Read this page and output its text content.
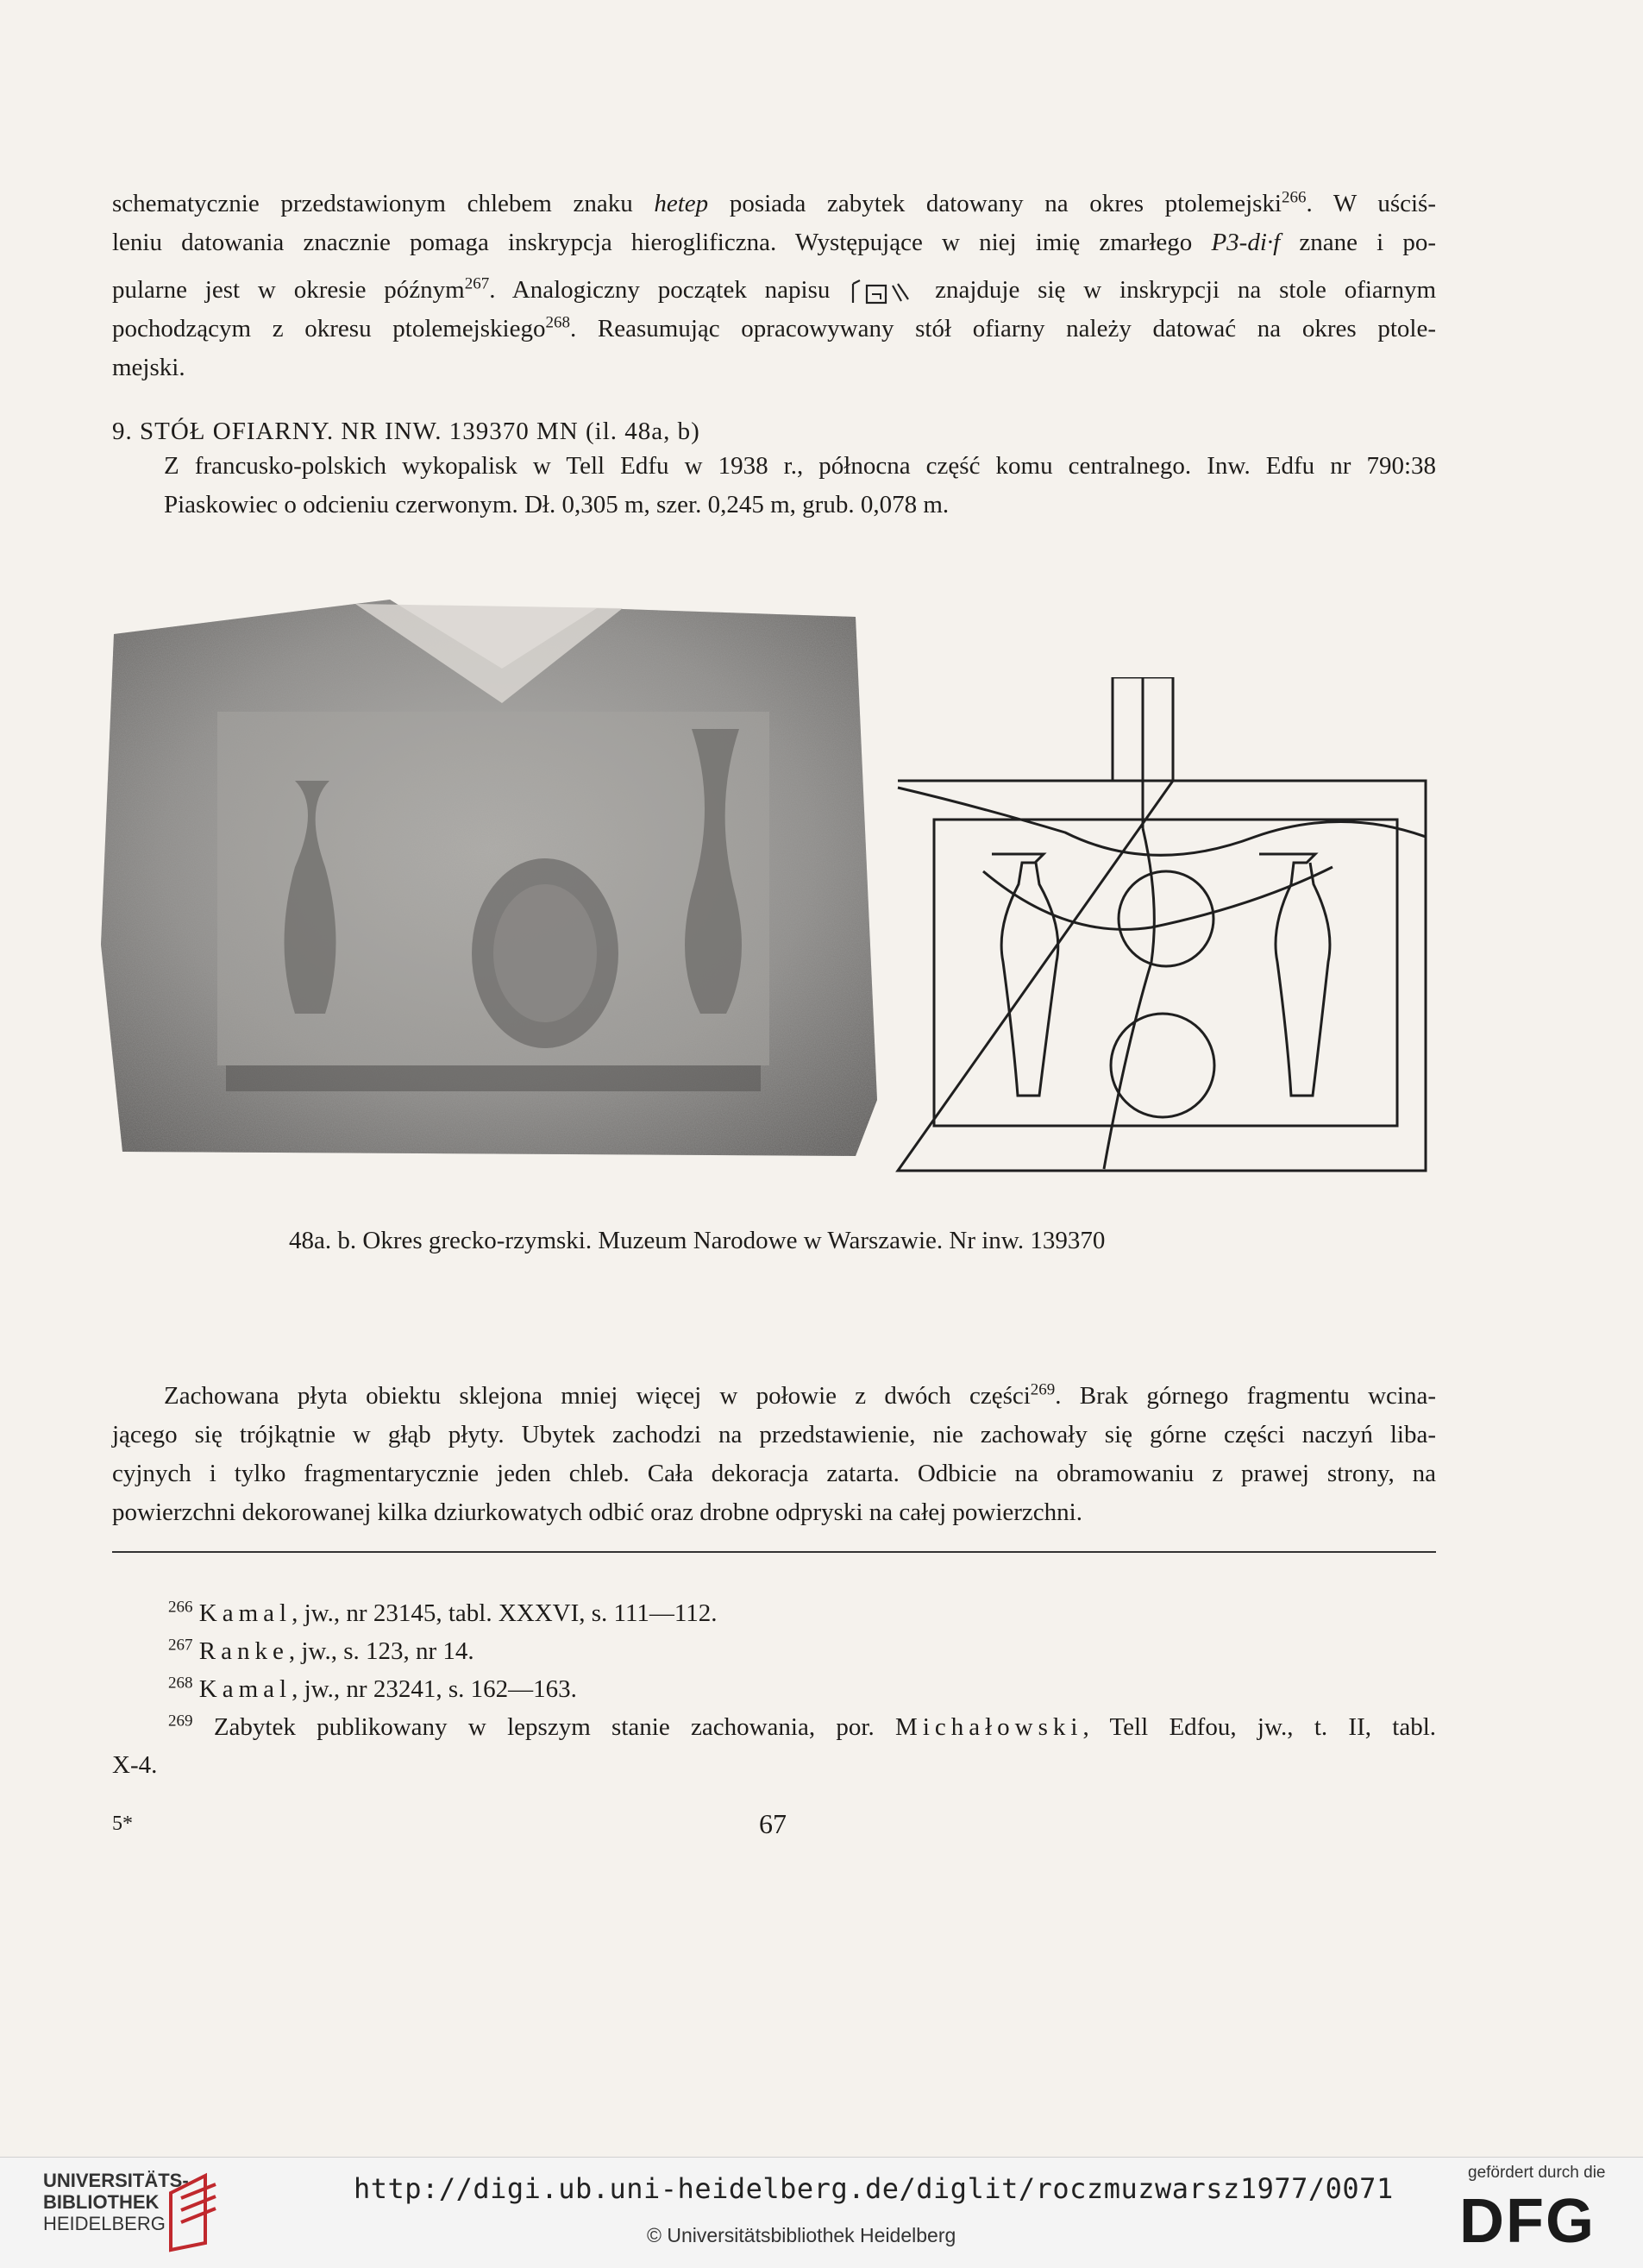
schematycznie przedstawionym chlebem znaku hetep posiada zabytek datowany na okres ptolemejski$^{266}$. W uściś-
leniu datowania znacznie pomaga inskrypcja hieroglificzna. Występujące w niej imię zmarłego P3-di·f znane i po-
pularne jest w okresie późnym$^{267}$. Analogiczny początek napisu	znajduje się w inskrypcji na stole ofiarnym
pochodzącym z okresu ptolemejskiego$^{268}$. Reasumując opracowywany stół ofiarny należy datować na okres ptole-
mejski.
9. STÓŁ OFIARNY. NR INW. 139370 MN (il. 48a, b)
Z francusko-polskich wykopalisk w Tell Edfu w 1938 r., północna część komu centralnego. Inw. Edfu nr 790:38
Piaskowiec o odcieniu czerwonym. Dł. 0,305 m, szer. 0,245 m, grub. 0,078 m.
48a. b. Okres grecko-rzymski. Muzeum Narodowe w Warszawie. Nr inw. 139370
Zachowana płyta obiektu sklejona mniej więcej w połowie z dwóch części$^{269}$. Brak górnego fragmentu wcina-
jącego się trójkątnie w głąb płyty. Ubytek zachodzi na przedstawienie, nie zachowały się górne części naczyń liba-
cyjnych i tylko fragmentarycznie jeden chleb. Cała dekoracja zatarta. Odbicie na obramowaniu z prawej strony, na
powierzchni dekorowanej kilka dziurkowatych odbić oraz drobne odpryski na całej powierzchni.
$^{266}$ Kamal, jw., nr 23145, tabl. XXXVI, s. 111—112.
$^{267}$ Ranke, jw., s. 123, nr 14.
$^{268}$ Kamal, jw., nr 23241, s. 162—163.
$^{269}$ Zabytek publikowany w lepszym stanie zachowania, por. Michałowski, Tell Edfou, jw., t. II, tabl.
X-4.
5*	67
UNIVERSITÄTS-
BIBLIOTHEK
HEIDELBERG
http://digi.ub.uni-heidelberg.de/diglit/roczmuzwarsz1977/0071
© Universitätsbibliothek Heidelberg
gefördert durch die
DFG
